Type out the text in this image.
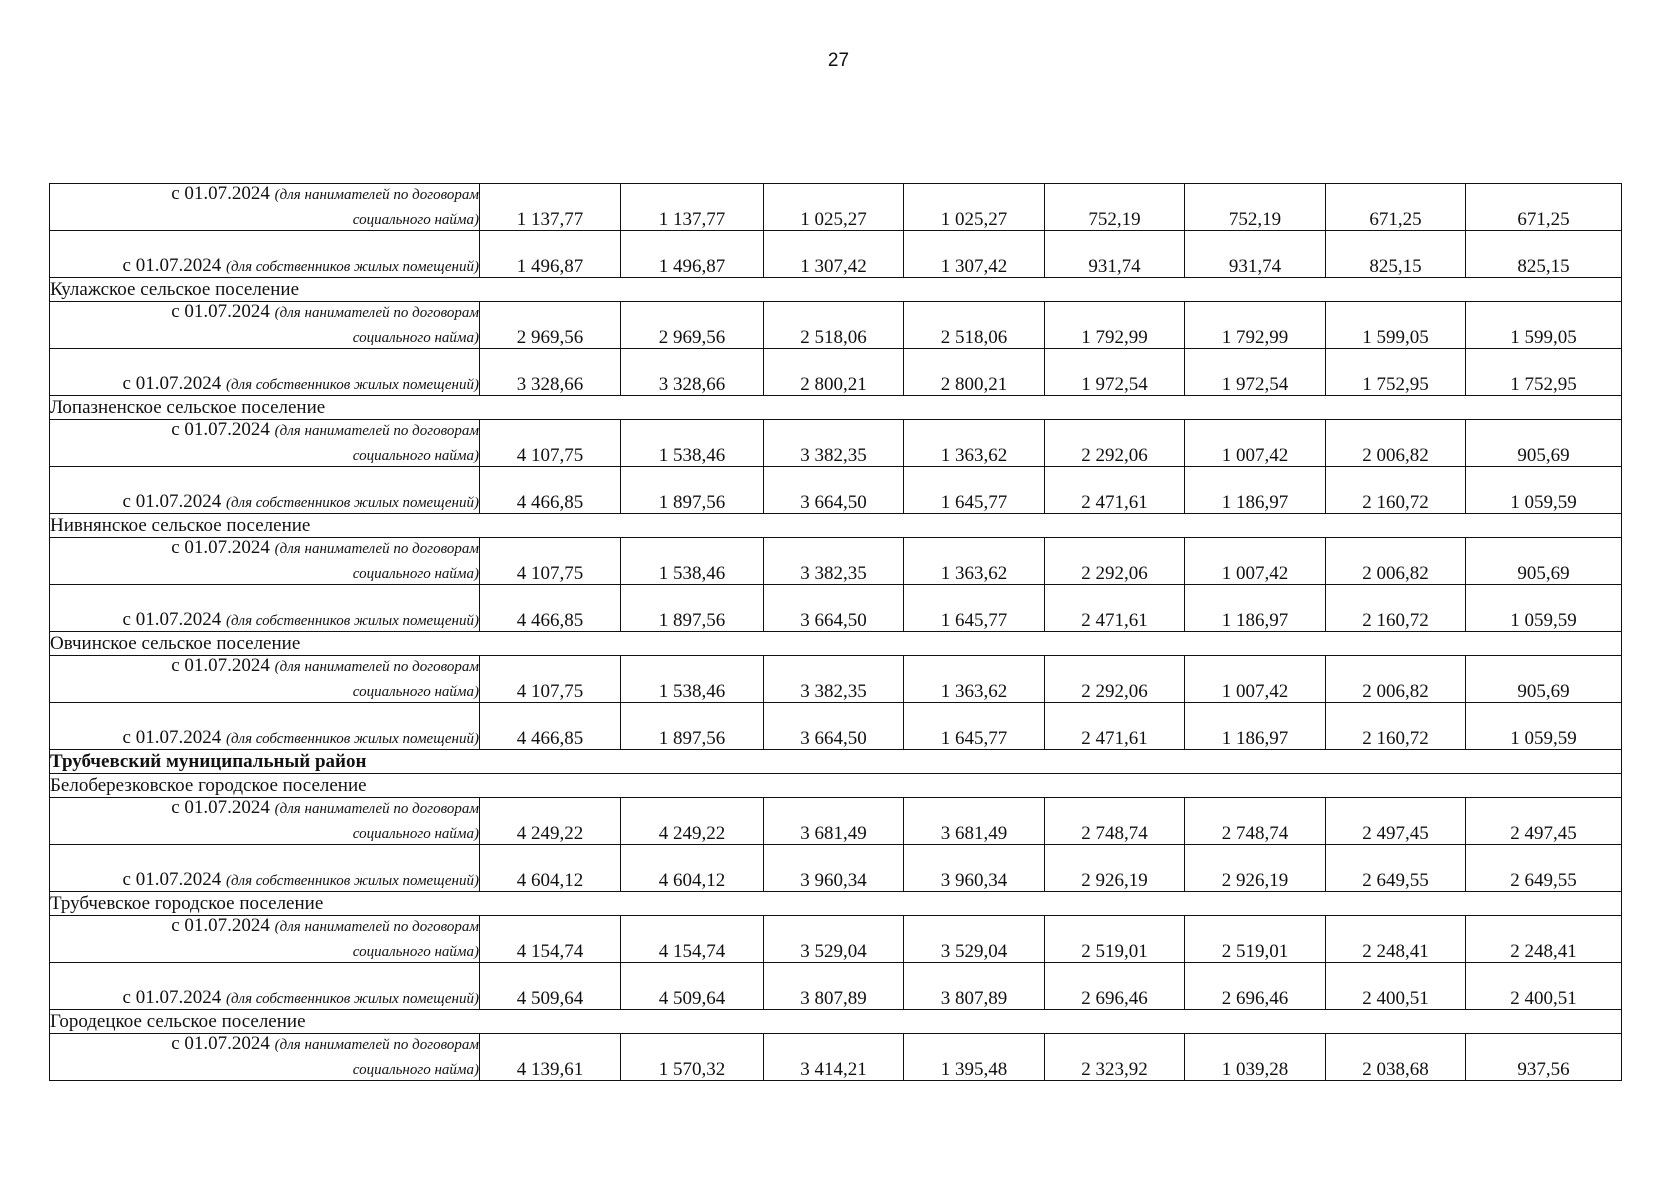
27
с 01.07.2024 (для нанимателей по договорам
социального найма)	1 137,77	1 137,77	1 025,27	1 025,27	752,19	752,19	671,25	671,25

с 01.07.2024 (для собственников жилых помещений)	1 496,87	1 496,87	1 307,42	1 307,42	931,74	931,74	825,15	825,15
Кулажское сельское поселение								

с 01.07.2024 (для нанимателей по договорам
социального найма)	2 969,56	2 969,56	2 518,06	2 518,06	1 792,99	1 792,99	1 599,05	1 599,05

с 01.07.2024 (для собственников жилых помещений)	3 328,66	3 328,66	2 800,21	2 800,21	1 972,54	1 972,54	1 752,95	1 752,95
Лопазненское сельское поселение								

с 01.07.2024 (для нанимателей по договорам
социального найма)	4 107,75	1 538,46	3 382,35	1 363,62	2 292,06	1 007,42	2 006,82	905,69

с 01.07.2024 (для собственников жилых помещений)	4 466,85	1 897,56	3 664,50	1 645,77	2 471,61	1 186,97	2 160,72	1 059,59
Нивнянское сельское поселение								

с 01.07.2024 (для нанимателей по договорам
социального найма)	4 107,75	1 538,46	3 382,35	1 363,62	2 292,06	1 007,42	2 006,82	905,69

с 01.07.2024 (для собственников жилых помещений)	4 466,85	1 897,56	3 664,50	1 645,77	2 471,61	1 186,97	2 160,72	1 059,59
Овчинское сельское поселение								

с 01.07.2024 (для нанимателей по договорам
социального найма)	4 107,75	1 538,46	3 382,35	1 363,62	2 292,06	1 007,42	2 006,82	905,69

с 01.07.2024 (для собственников жилых помещений)	4 466,85	1 897,56	3 664,50	1 645,77	2 471,61	1 186,97	2 160,72	1 059,59
Трубчевский муниципальный район								
Белоберезковское городское поселение								

с 01.07.2024 (для нанимателей по договорам
социального найма)	4 249,22	4 249,22	3 681,49	3 681,49	2 748,74	2 748,74	2 497,45	2 497,45

с 01.07.2024 (для собственников жилых помещений)	4 604,12	4 604,12	3 960,34	3 960,34	2 926,19	2 926,19	2 649,55	2 649,55
Трубчевское городское поселение								

с 01.07.2024 (для нанимателей по договорам
социального найма)	4 154,74	4 154,74	3 529,04	3 529,04	2 519,01	2 519,01	2 248,41	2 248,41

с 01.07.2024 (для собственников жилых помещений)	4 509,64	4 509,64	3 807,89	3 807,89	2 696,46	2 696,46	2 400,51	2 400,51
Городецкое сельское поселение								

с 01.07.2024 (для нанимателей по договорам
социального найма)	4 139,61	1 570,32	3 414,21	1 395,48	2 323,92	1 039,28	2 038,68	937,56
